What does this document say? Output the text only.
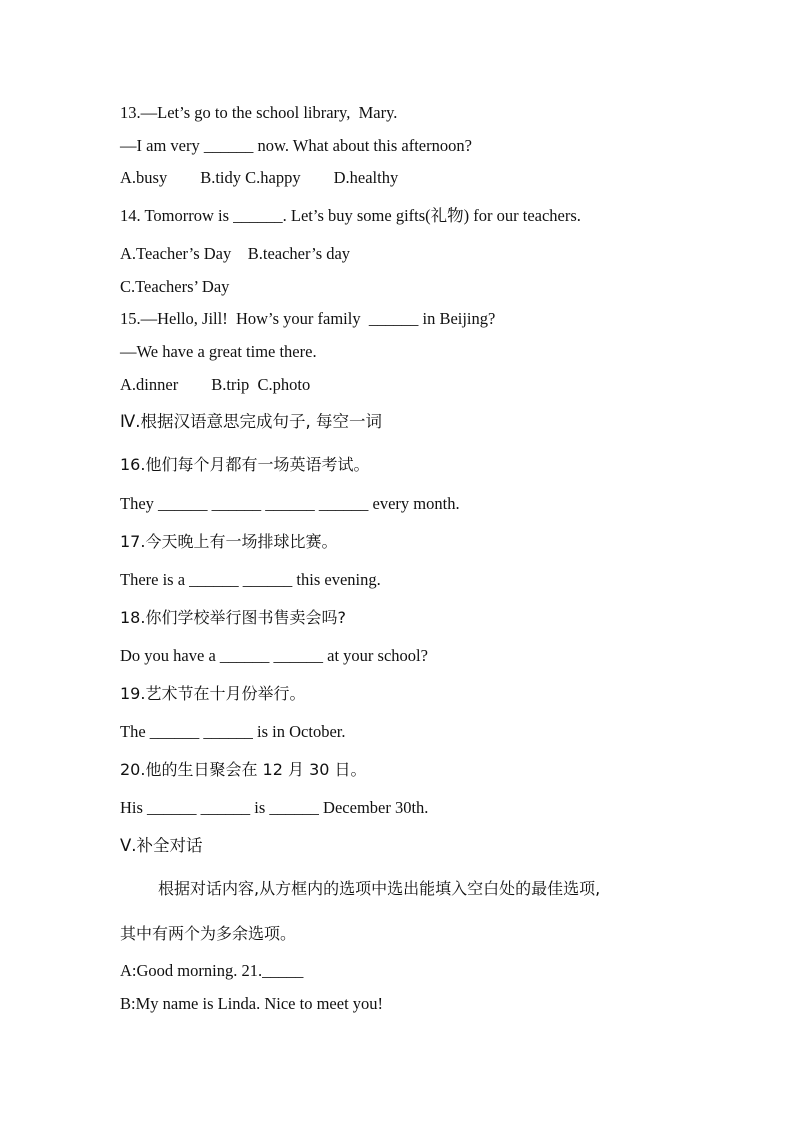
13.—Let’s go to the school library,  Mary.
—I am very ______ now. What about this afternoon?
A.busy        B.tidy C.happy        D.healthy
14. Tomorrow is ______. Let’s buy some gifts(礼物) for our teachers.
A.Teacher’s Day    B.teacher’s day
C.Teachers’ Day
15.—Hello, Jill!  How’s your family  ______ in Beijing?
—We have a great time there.
A.dinner        B.trip  C.photo
Ⅳ.根据汉语意思完成句子, 每空一词
16.他们每个月都有一场英语考试。
They ______ ______ ______ ______ every month.
17.今天晚上有一场排球比赛。
There is a ______ ______ this evening.
18.你们学校举行图书售卖会吗?
Do you have a ______ ______ at your school?
19.艺术节在十月份举行。
The ______ ______ is in October.
20.他的生日聚会在 12 月 30 日。
His ______ ______ is ______ December 30th.
Ⅴ.补全对话
根据对话内容,从方框内的选项中选出能填入空白处的最佳选项,
其中有两个为多余选项。
A:Good morning. 21._____
B:My name is Linda. Nice to meet you!
